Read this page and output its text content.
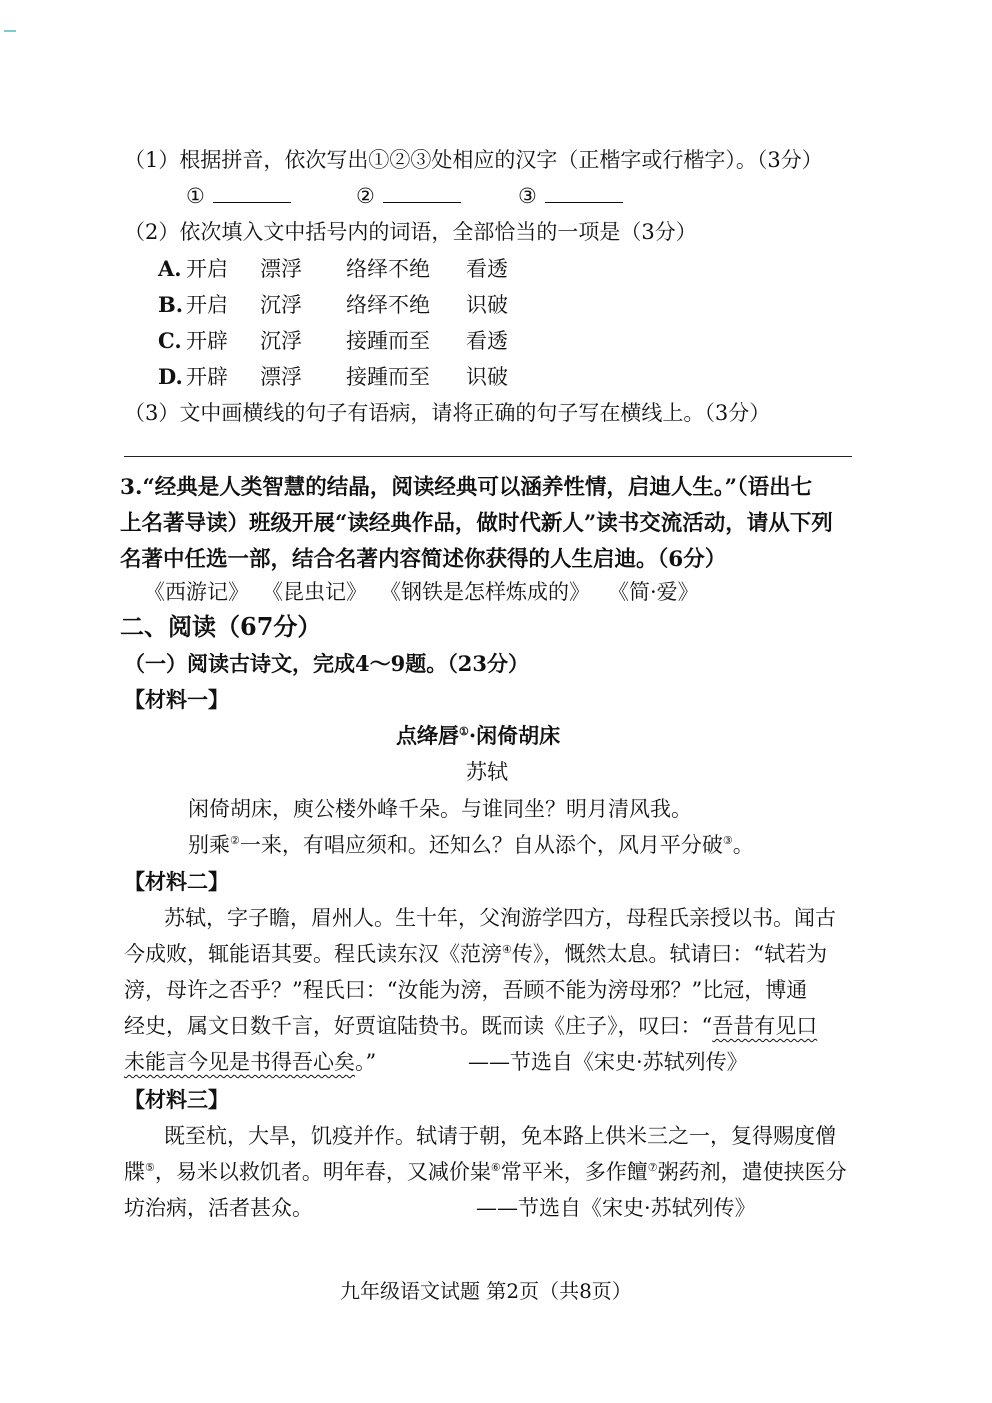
（1）根据拼音，依次写出①②③处相应的汉字（正楷字或行楷字）。（3分）
①	②	③
（2）依次填入文中括号内的词语，全部恰当的一项是（3分）
A. 开启 漂浮 络绎不绝 看透
B. 开启 沉浮 络绎不绝 识破
C. 开辟 沉浮 接踵而至 看透
D. 开辟 漂浮 接踵而至 识破
（3）文中画横线的句子有语病，请将正确的句子写在横线上。（3分）
3.“经典是人类智慧的结晶，阅读经典可以涵养性情，启迪人生。”（语出七
上名著导读）班级开展“读经典作品，做时代新人”读书交流活动，请从下列
名著中任选一部，结合名著内容简述你获得的人生启迪。（6分）
《西游记》 《昆虫记》 《钢铁是怎样炼成的》 《简·爱》
二、阅读（67分）
（一）阅读古诗文，完成4～9题。（23分）
【材料一】
点绛唇①·闲倚胡床
苏轼
闲倚胡床，庾公楼外峰千朵。与谁同坐？明月清风我。
别乘②一来，有唱应须和。还知么？自从添个，风月平分破③。
【材料二】
苏轼，字子瞻，眉州人。生十年，父洵游学四方，母程氏亲授以书。闻古
今成败，辄能语其要。程氏读东汉《范滂④传》，慨然太息。轼请曰：“轼若为
滂，母许之否乎？”程氏曰：“汝能为滂，吾顾不能为滂母邪？”比冠，博通
经史，属文日数千言，好贾谊陆贽书。既而读《庄子》，叹曰：“吾昔有见口
未能言今见是书得吾心矣。”	——节选自《宋史·苏轼列传》
【材料三】
既至杭，大旱，饥疫并作。轼请于朝，免本路上供米三之一，复得赐度僧
牒⑤，易米以救饥者。明年春，又减价粜⑥常平米，多作饘⑦粥药剂，遣使挟医分
坊治病，活者甚众。	——节选自《宋史·苏轼列传》
九年级语文试题 第2页（共8页）
